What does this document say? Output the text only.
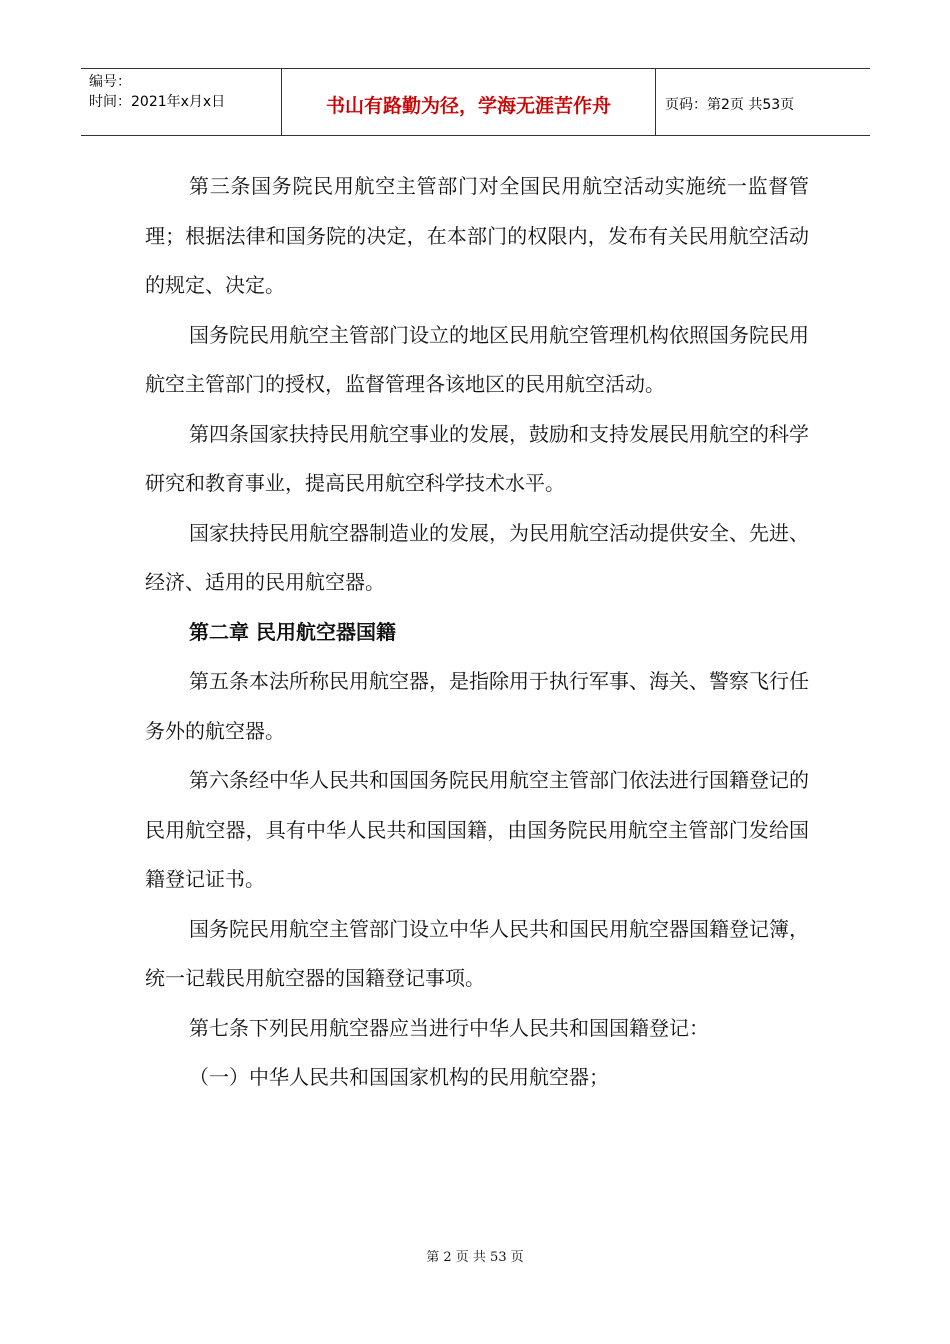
编号：
时间：2021年x月x日	书山有路勤为径，学海无涯苦作舟	页码：第2页 共53页

第三条国务院民用航空主管部门对全国民用航空活动实施统一监督管理；根据法律和国务院的决定，在本部门的权限内，发布有关民用航空活动的规定、决定。

国务院民用航空主管部门设立的地区民用航空管理机构依照国务院民用航空主管部门的授权，监督管理各该地区的民用航空活动。

第四条国家扶持民用航空事业的发展，鼓励和支持发展民用航空的科学研究和教育事业，提高民用航空科学技术水平。

国家扶持民用航空器制造业的发展，为民用航空活动提供安全、先进、经济、适用的民用航空器。

第二章 民用航空器国籍

第五条本法所称民用航空器，是指除用于执行军事、海关、警察飞行任务外的航空器。

第六条经中华人民共和国国务院民用航空主管部门依法进行国籍登记的民用航空器，具有中华人民共和国国籍，由国务院民用航空主管部门发给国籍登记证书。

国务院民用航空主管部门设立中华人民共和国民用航空器国籍登记簿，统一记载民用航空器的国籍登记事项。

第七条下列民用航空器应当进行中华人民共和国国籍登记：

（一）中华人民共和国国家机构的民用航空器；

第 2 页 共 53 页
